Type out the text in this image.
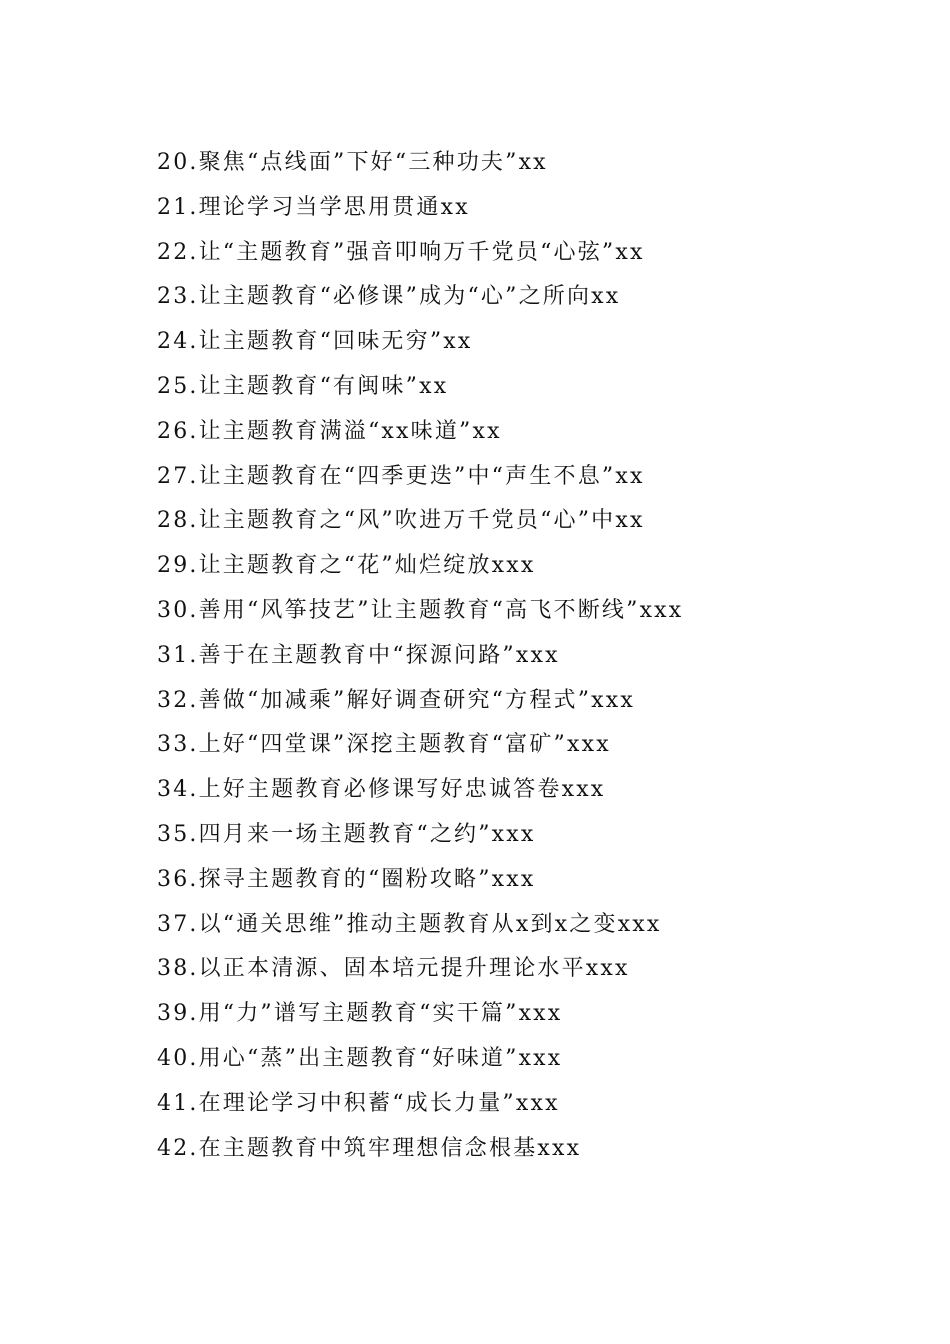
20.聚焦“点线面”下好“三种功夫”xx
21.理论学习当学思用贯通xx
22.让“主题教育”强音叩响万千党员“心弦”xx
23.让主题教育“必修课”成为“心”之所向xx
24.让主题教育“回味无穷”xx
25.让主题教育“有闽味”xx
26.让主题教育满溢“xx味道”xx
27.让主题教育在“四季更迭”中“声生不息”xx
28.让主题教育之“风”吹进万千党员“心”中xx
29.让主题教育之“花”灿烂绽放xxx
30.善用“风筝技艺”让主题教育“高飞不断线”xxx
31.善于在主题教育中“探源问路”xxx
32.善做“加减乘”解好调查研究“方程式”xxx
33.上好“四堂课”深挖主题教育“富矿”xxx
34.上好主题教育必修课写好忠诚答卷xxx
35.四月来一场主题教育“之约”xxx
36.探寻主题教育的“圈粉攻略”xxx
37.以“通关思维”推动主题教育从x到x之变xxx
38.以正本清源、固本培元提升理论水平xxx
39.用“力”谱写主题教育“实干篇”xxx
40.用心“蒸”出主题教育“好味道”xxx
41.在理论学习中积蓄“成长力量”xxx
42.在主题教育中筑牢理想信念根基xxx
